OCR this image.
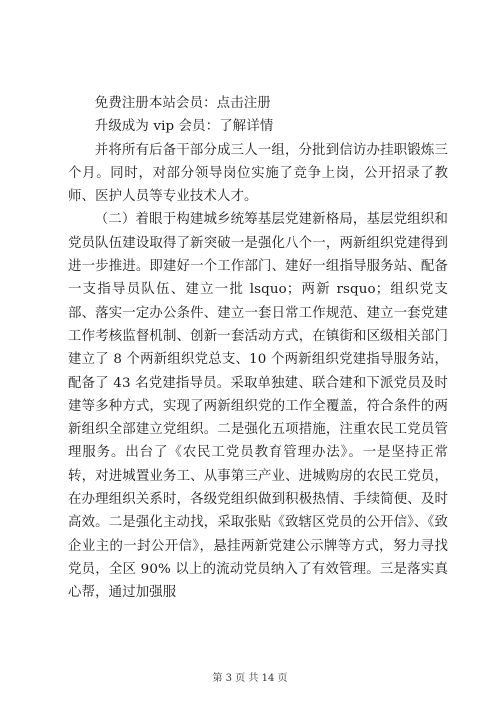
免费注册本站会员：点击注册

升级成为 vip 会员：了解详情

并将所有后备干部分成三人一组，分批到信访办挂职锻炼三个月。同时，对部分领导岗位实施了竞争上岗，公开招录了教师、医护人员等专业技术人才。

（二）着眼于构建城乡统筹基层党建新格局，基层党组织和党员队伍建设取得了新突破一是强化八个一，两新组织党建得到进一步推进。即建好一个工作部门、建好一组指导服务站、配备一支指导员队伍、建立一批 lsquo；两新 rsquo；组织党支部、落实一定办公条件、建立一套日常工作规范、建立一套党建工作考核监督机制、创新一套活动方式，在镇街和区级相关部门建立了 8 个两新组织党总支、10 个两新组织党建指导服务站，配备了 43 名党建指导员。采取单独建、联合建和下派党员及时建等多种方式，实现了两新组织党的工作全覆盖，符合条件的两新组织全部建立党组织。二是强化五项措施，注重农民工党员管理服务。出台了《农民工党员教育管理办法》。一是坚持正常转，对进城置业务工、从事第三产业、进城购房的农民工党员，在办理组织关系时，各级党组织做到积极热情、手续简便、及时高效。二是强化主动找，采取张贴《致辖区党员的公开信》、《致企业主的一封公开信》，悬挂两新党建公示牌等方式，努力寻找党员，全区 90% 以上的流动党员纳入了有效管理。三是落实真心帮，通过加强服

第 3 页 共 14 页
